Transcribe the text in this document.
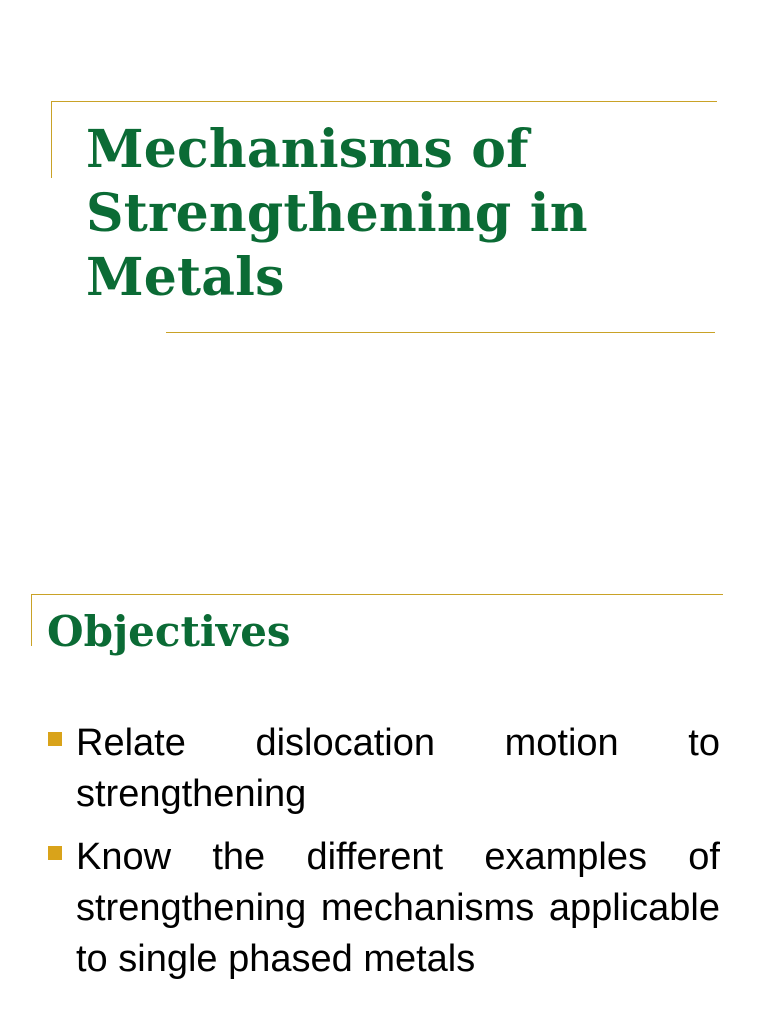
Mechanisms of Strengthening in Metals
Objectives
Relate dislocation motion to strengthening
Know the different examples of strengthening mechanisms applicable to single phased metals
